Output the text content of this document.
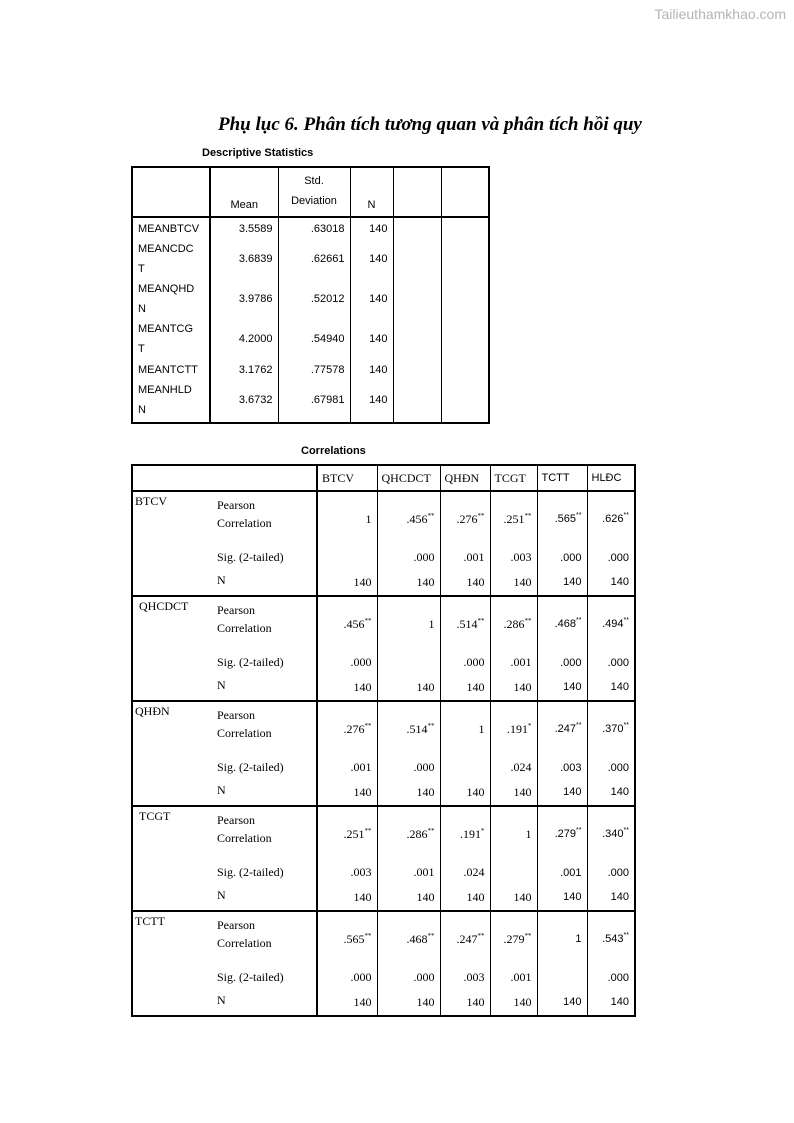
Tailieuthamkhao.com
Phụ lục 6. Phân tích tương quan và phân tích hồi quy
Descriptive Statistics
	Mean	Std.
Deviation	N		
MEANBTCV	3.5589	.63018	140		
MEANCDC
T	3.6839	.62661	140		
MEANQHD
N	3.9786	.52012	140		
MEANTCG
T	4.2000	.54940	140		
MEANTCTT	3.1762	.77578	140		
MEANHLD
N	3.6732	.67981	140		
Correlations
		BTCV	QHCDCT	QHĐN	TCGT	TCTT	HLĐC
BTCV	Pearson
Correlation	1	.456**	.276**	.251**	.565**	.626**
	Sig. (2-tailed)		.000	.001	.003	.000	.000
	N	140	140	140	140	140	140
QHCDCT	Pearson
Correlation	.456**	1	.514**	.286**	.468**	.494**
	Sig. (2-tailed)	.000		.000	.001	.000	.000
	N	140	140	140	140	140	140
QHĐN	Pearson
Correlation	.276**	.514**	1	.191*	.247**	.370**
	Sig. (2-tailed)	.001	.000		.024	.003	.000
	N	140	140	140	140	140	140
TCGT	Pearson
Correlation	.251**	.286**	.191*	1	.279**	.340**
	Sig. (2-tailed)	.003	.001	.024		.001	.000
	N	140	140	140	140	140	140
TCTT	Pearson
Correlation	.565**	.468**	.247**	.279**	1	.543**
	Sig. (2-tailed)	.000	.000	.003	.001		.000
	N	140	140	140	140	140	140
